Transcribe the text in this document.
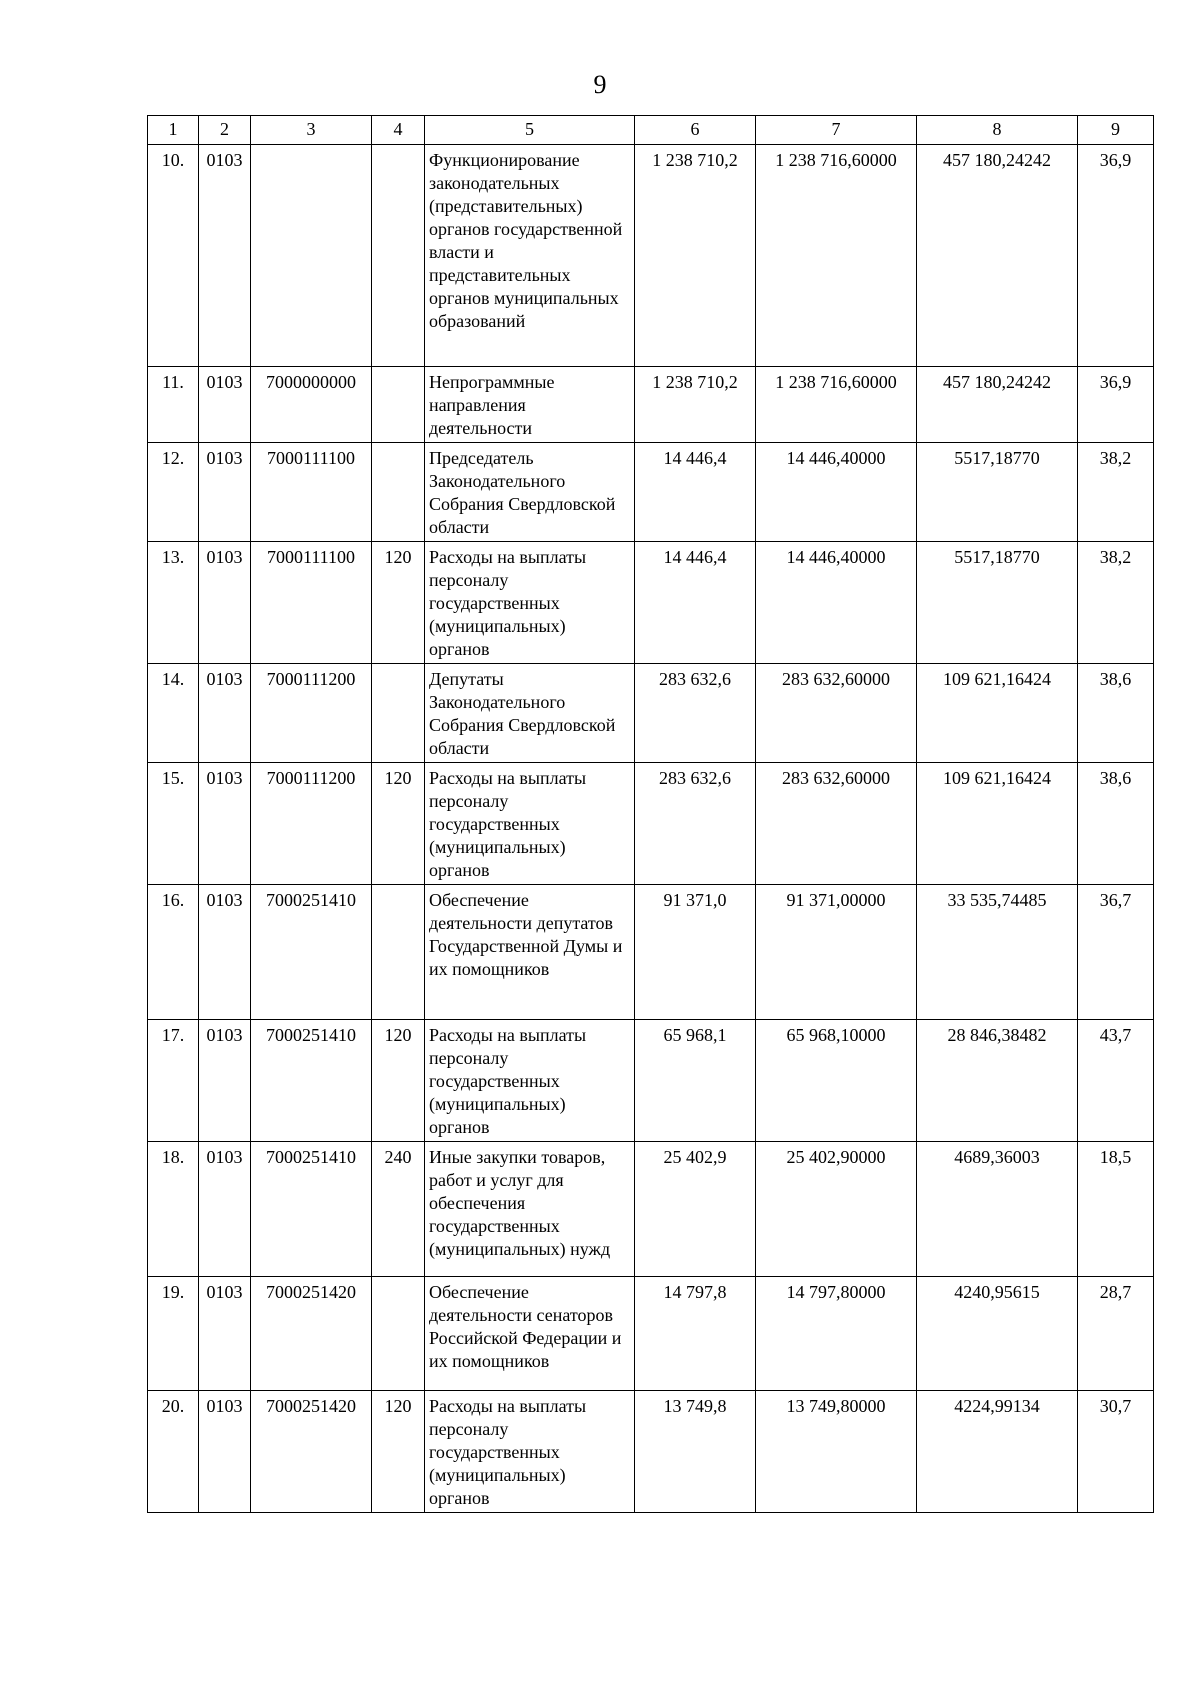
9
1	2	3	4	5	6	7	8	9
10.	0103			Функционирование законодательных (представительных) органов государственной власти и представительных органов муниципальных образований	1 238 710,2	1 238 716,60000	457 180,24242	36,9
11.	0103	7000000000		Непрограммные направления деятельности	1 238 710,2	1 238 716,60000	457 180,24242	36,9
12.	0103	7000111100		Председатель Законодательного Собрания Свердловской области	14 446,4	14 446,40000	5517,18770	38,2
13.	0103	7000111100	120	Расходы на выплаты персоналу государственных (муниципальных) органов	14 446,4	14 446,40000	5517,18770	38,2
14.	0103	7000111200		Депутаты Законодательного Собрания Свердловской области	283 632,6	283 632,60000	109 621,16424	38,6
15.	0103	7000111200	120	Расходы на выплаты персоналу государственных (муниципальных) органов	283 632,6	283 632,60000	109 621,16424	38,6
16.	0103	7000251410		Обеспечение деятельности депутатов Государственной Думы и их помощников	91 371,0	91 371,00000	33 535,74485	36,7
17.	0103	7000251410	120	Расходы на выплаты персоналу государственных (муниципальных) органов	65 968,1	65 968,10000	28 846,38482	43,7
18.	0103	7000251410	240	Иные закупки товаров, работ и услуг для обеспечения государственных (муниципальных) нужд	25 402,9	25 402,90000	4689,36003	18,5
19.	0103	7000251420		Обеспечение деятельности сенаторов Российской Федерации и их помощников	14 797,8	14 797,80000	4240,95615	28,7
20.	0103	7000251420	120	Расходы на выплаты персоналу государственных (муниципальных) органов	13 749,8	13 749,80000	4224,99134	30,7
